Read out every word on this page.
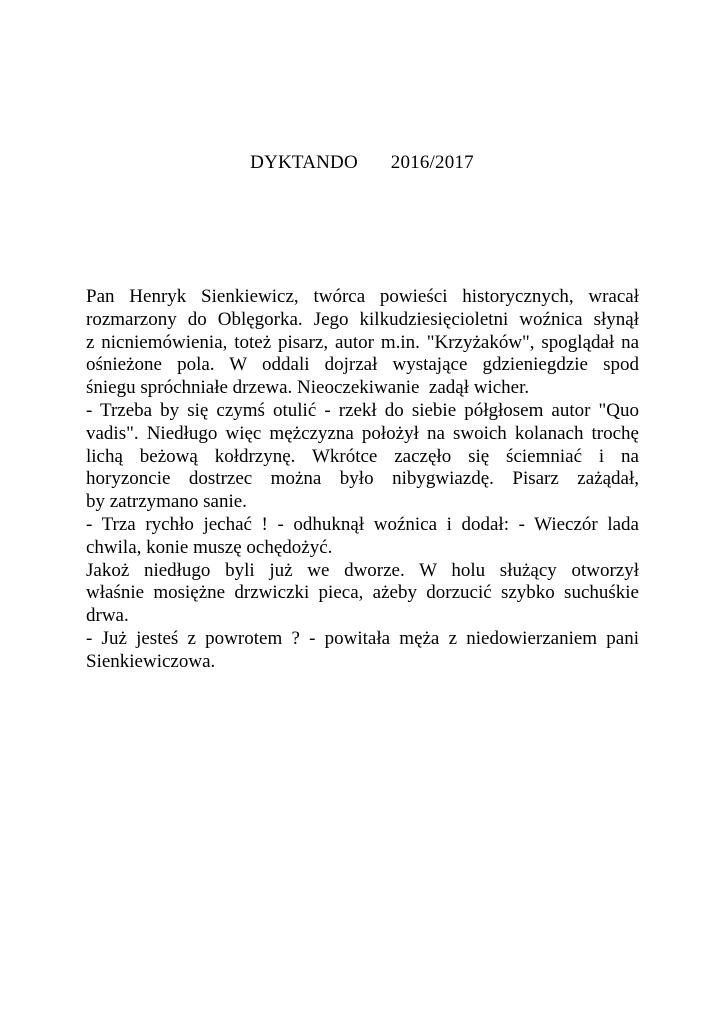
DYKTANDO   2016/2017
Pan Henryk Sienkiewicz, twórca powieści historycznych, wracał
rozmarzony do Oblęgorka. Jego kilkudziesięcioletni woźnica słynął
z nicniemówienia, toteż pisarz, autor m.in. "Krzyżaków", spoglądał na
ośnieżone pola. W oddali dojrzał wystające gdzieniegdzie spod
śniegu spróchniałe drzewa. Nieoczekiwanie  zadął wicher.
- Trzeba by się czymś otulić - rzekł do siebie półgłosem autor "Quo
vadis". Niedługo więc mężczyzna położył na swoich kolanach trochę
lichą beżową kołdrzynę. Wkrótce zaczęło się ściemniać i na
horyzoncie dostrzec można było nibygwiazdę. Pisarz zażądał,
by zatrzymano sanie.
- Trza rychło jechać ! - odhuknął woźnica i dodał: - Wieczór lada
chwila, konie muszę ochędożyć.
Jakoż niedługo byli już we dworze. W holu służący otworzył
właśnie mosiężne drzwiczki pieca, ażeby dorzucić szybko suchuśkie
drwa.
- Już jesteś z powrotem ? - powitała męża z niedowierzaniem pani
Sienkiewiczowa.
